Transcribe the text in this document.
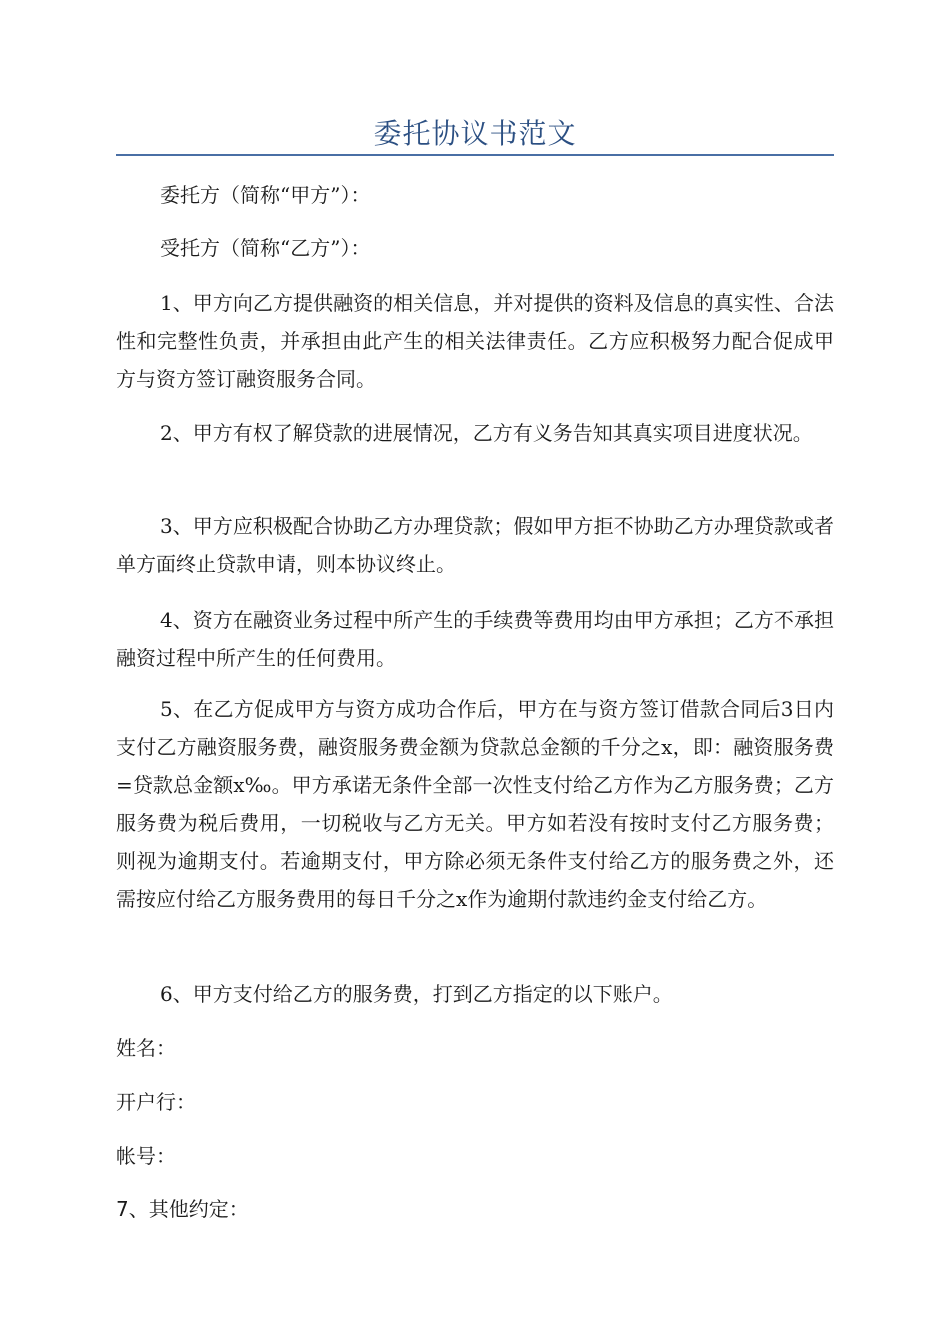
委托协议书范文

委托方（简称“甲方”）：

受托方（简称“乙方”）：

1、甲方向乙方提供融资的相关信息，并对提供的资料及信息的真实性、合法性和完整性负责，并承担由此产生的相关法律责任。乙方应积极努力配合促成甲方与资方签订融资服务合同。

2、甲方有权了解贷款的进展情况，乙方有义务告知其真实项目进度状况。

3、甲方应积极配合协助乙方办理贷款；假如甲方拒不协助乙方办理贷款或者单方面终止贷款申请，则本协议终止。

4、资方在融资业务过程中所产生的手续费等费用均由甲方承担；乙方不承担融资过程中所产生的任何费用。

5、在乙方促成甲方与资方成功合作后，甲方在与资方签订借款合同后3日内支付乙方融资服务费，融资服务费金额为贷款总金额的千分之x，即：融资服务费=贷款总金额x‰。甲方承诺无条件全部一次性支付给乙方作为乙方服务费；乙方服务费为税后费用，一切税收与乙方无关。甲方如若没有按时支付乙方服务费；则视为逾期支付。若逾期支付，甲方除必须无条件支付给乙方的服务费之外，还需按应付给乙方服务费用的每日千分之x作为逾期付款违约金支付给乙方。

6、甲方支付给乙方的服务费，打到乙方指定的以下账户。

姓名：

开户行：

帐号：

7、其他约定：
